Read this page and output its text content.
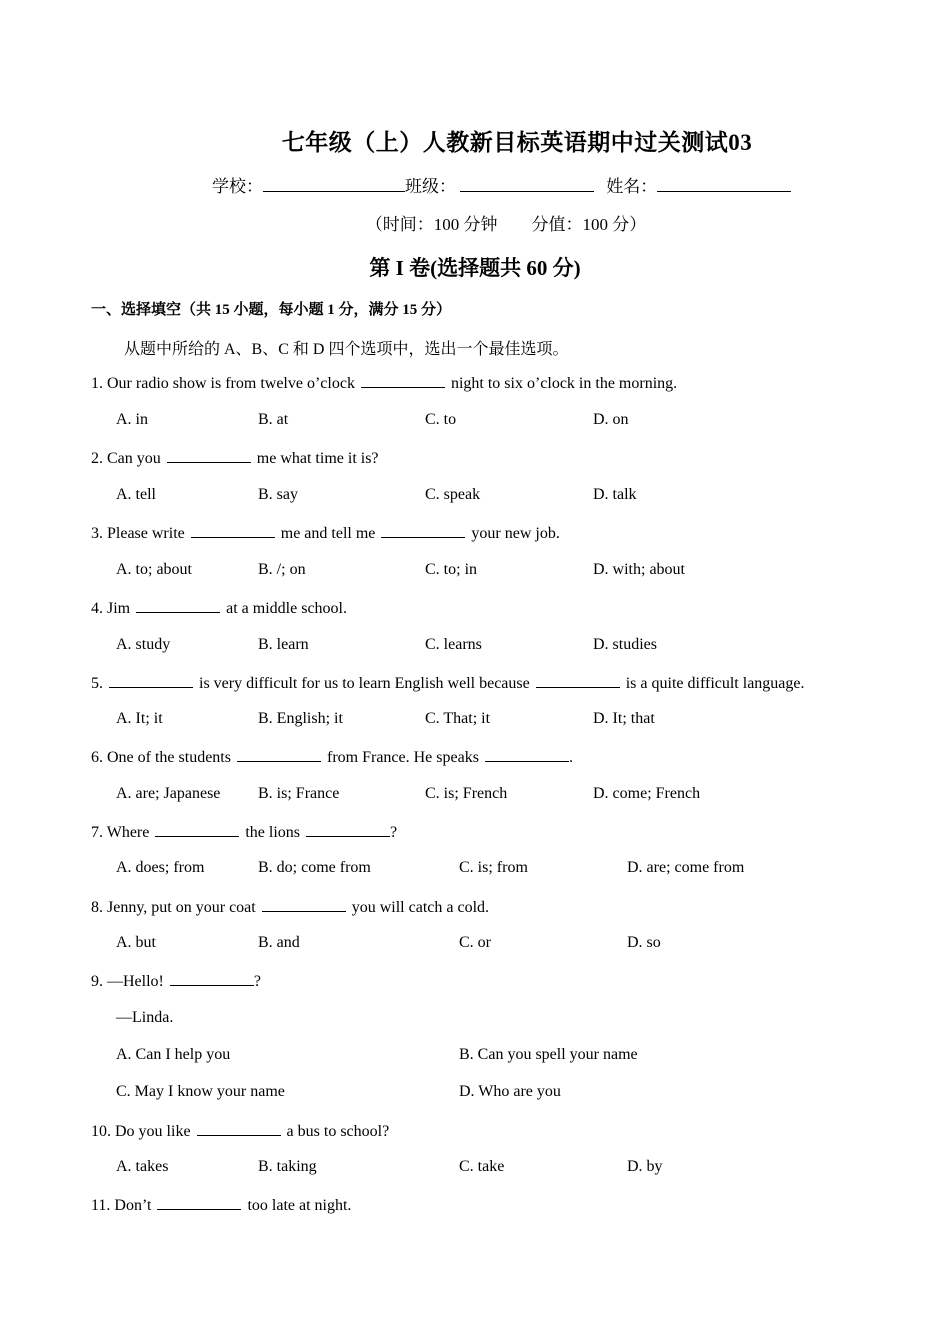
七年级（上）人教新目标英语期中过关测试03
学校：	班级：	姓名：
（时间：100 分钟        分值：100 分）
第 I 卷(选择题共 60 分)
一、选择填空（共 15 小题，每小题 1 分，满分 15 分）
从题中所给的 A、B、C 和 D 四个选项中，选出一个最佳选项。
1. Our radio show is from twelve o’clock	night to six o’clock in the morning.
A. in	B. at	C. to	D. on
2. Can you	me what time it is?
A. tell	B. say	C. speak	D. talk
3. Please write	me and tell me	your new job.
A. to; about	B. /; on	C. to; in	D. with; about
4. Jim	at a middle school.
A. study	B. learn	C. learns	D. studies
5.	is very difficult for us to learn English well because	is a quite difficult language.
A. It; it	B. English; it	C. That; it	D. It; that
6. One of the students	from France. He speaks	.
A. are; Japanese B. is; France	C. is; French	D. come; French
7. Where	the lions	?
A. does; from	B. do; come from	C. is; from	D. are; come from
8. Jenny, put on your coat	you will catch a cold.
A. but	B. and	C. or	D. so
9. —Hello!	?
—Linda.
A. Can I help you	B. Can you spell your name
C. May I know your name	D. Who are you
10. Do you like	a bus to school?
A. takes	B. taking	C. take	D. by
11. Don’t	too late at night.
